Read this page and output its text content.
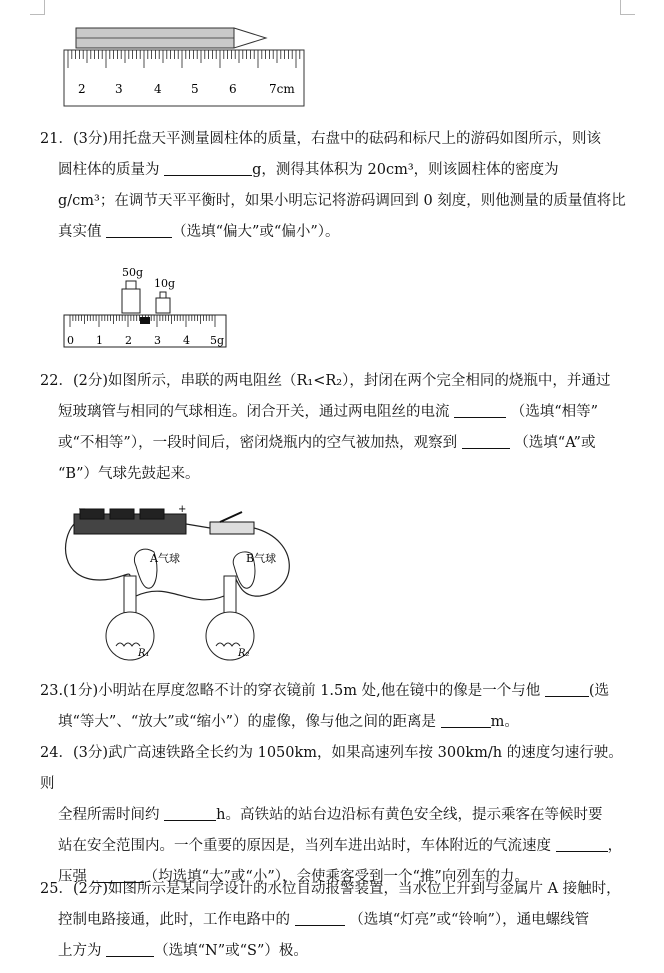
2 3	4 5	6	7cm

21．(3分)用托盘天平测量圆柱体的质量，右盘中的砝码和标尺上的游码如图所示，则该

圆柱体的质量为	g，测得其体积为 20cm³，则该圆柱体的密度为

g/cm³；在调节天平平衡时，如果小明忘记将游码调回到 0 刻度，则他测量的质量值将比

真实值	（选填“偏大”或“偏小”）。

50g
10g
0 1 2 3 4 5g

22．(2分)如图所示，串联的两电阻丝（R₁<R₂），封闭在两个完全相同的烧瓶中，并通过

短玻璃管与相同的气球相连。闭合开关，通过两电阻丝的电流	（选填“相等”

或“不相等”），一段时间后，密闭烧瓶内的空气被加热，观察到	（选填“A”或

“B”）气球先鼓起来。

−	+
A气球	B气球
R₁	R₂

23.(1分)小明站在厚度忽略不计的穿衣镜前 1.5m 处,他在镜中的像是一个与他	(选

填“等大”、“放大”或“缩小”）的虚像，像与他之间的距离是	m。

24．(3分)武广高速铁路全长约为 1050km，如果高速列车按 300km/h 的速度匀速行驶。则

全程所需时间约	h。高铁站的站台边沿标有黄色安全线，提示乘客在等候时要

站在安全范围内。一个重要的原因是，当列车进出站时，车体附近的气流速度	，

压强	（均选填“大”或“小”），会使乘客受到一个“推”向列车的力。

25．(2分)如图所示是某同学设计的水位自动报警装置，当水位上升到与金属片 A 接触时，

控制电路接通，此时，工作电路中的	（选填“灯亮”或“铃响”），通电螺线管

上方为	（选填“N”或“S”）极。
